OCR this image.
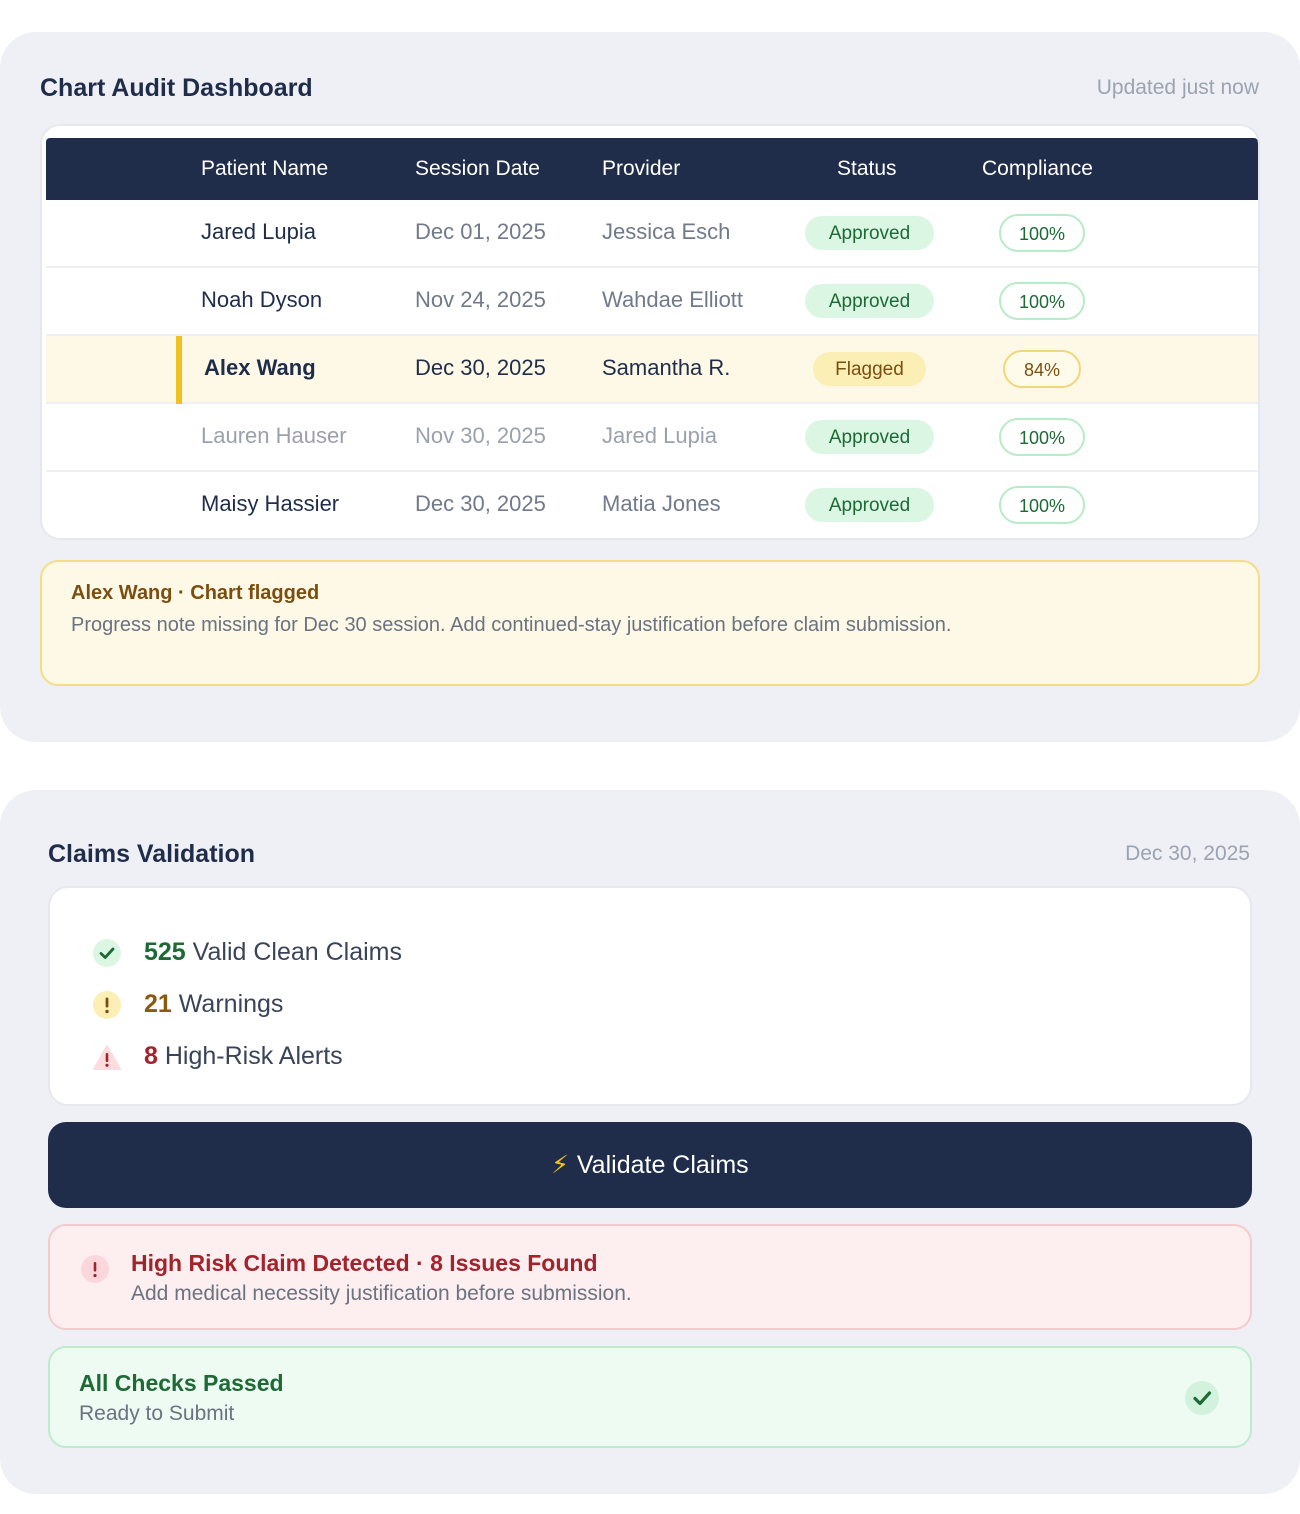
Chart Audit Dashboard	Updated just now
Patient Name	Session Date	Provider	Status	Compliance
Jared Lupia	Dec 01, 2025	Jessica Esch	Approved	100%
Noah Dyson	Nov 24, 2025	Wahdae Elliott	Approved	100%
Alex Wang	Dec 30, 2025	Samantha R.	Flagged	84%
Lauren Hauser	Nov 30, 2025	Jared Lupia	Approved	100%
Maisy Hassier	Dec 30, 2025	Matia Jones	Approved	100%
Alex Wang · Chart flagged
Progress note missing for Dec 30 session. Add continued-stay justification before claim submission.
Claims Validation	Dec 30, 2025
525 Valid Clean Claims
21 Warnings
8 High-Risk Alerts
⚡ Validate Claims
High Risk Claim Detected · 8 Issues Found
Add medical necessity justification before submission.
All Checks Passed
Ready to Submit
